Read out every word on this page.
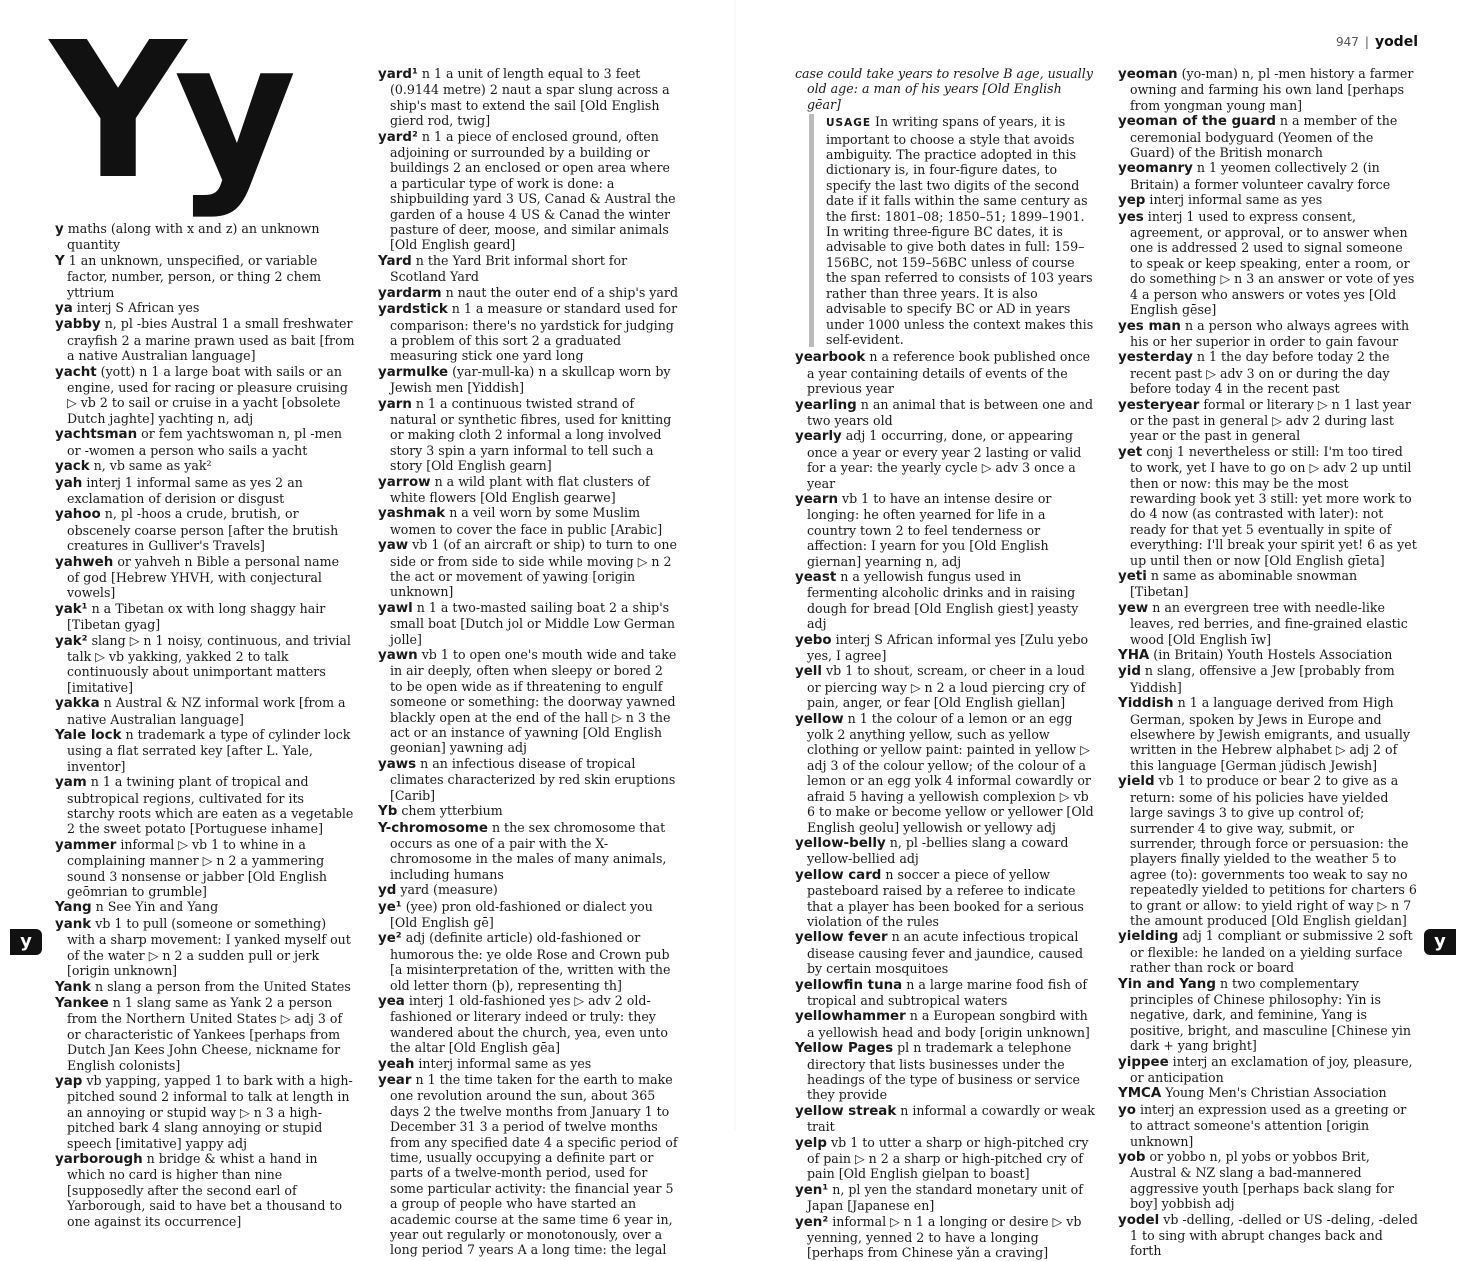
Yy	947 | yodel
y	y

y maths (along with x and z) an unknown quantity

Y 1 an unknown, unspecified, or variable factor, number, person, or thing 2 chem yttrium

ya interj S African yes

yabby n, pl -bies Austral 1 a small freshwater crayfish 2 a marine prawn used as bait [from a native Australian language]

yacht (yott) n 1 a large boat with sails or an engine, used for racing or pleasure cruising ▷ vb 2 to sail or cruise in a yacht [obsolete Dutch jaghte] yachting n, adj

yachtsman or fem yachtswoman n, pl -men or -women a person who sails a yacht

yack n, vb same as yak²

yah interj 1 informal same as yes 2 an exclamation of derision or disgust

yahoo n, pl -hoos a crude, brutish, or obscenely coarse person [after the brutish creatures in Gulliver's Travels]

yahweh or yahveh n Bible a personal name of god [Hebrew YHVH, with conjectural vowels]

yak¹ n a Tibetan ox with long shaggy hair [Tibetan gyag]

yak² slang ▷ n 1 noisy, continuous, and trivial talk ▷ vb yakking, yakked 2 to talk continuously about unimportant matters [imitative]

yakka n Austral & NZ informal work [from a native Australian language]

Yale lock n trademark a type of cylinder lock using a flat serrated key [after L. Yale, inventor]

yam n 1 a twining plant of tropical and subtropical regions, cultivated for its starchy roots which are eaten as a vegetable 2 the sweet potato [Portuguese inhame]

yammer informal ▷ vb 1 to whine in a complaining manner ▷ n 2 a yammering sound 3 nonsense or jabber [Old English geōmrian to grumble]

Yang n See Yin and Yang

yank vb 1 to pull (someone or something) with a sharp movement: I yanked myself out of the water ▷ n 2 a sudden pull or jerk [origin unknown]

Yank n slang a person from the United States

Yankee n 1 slang same as Yank 2 a person from the Northern United States ▷ adj 3 of or characteristic of Yankees [perhaps from Dutch Jan Kees John Cheese, nickname for English colonists]

yap vb yapping, yapped 1 to bark with a high-pitched sound 2 informal to talk at length in an annoying or stupid way ▷ n 3 a high-pitched bark 4 slang annoying or stupid speech [imitative] yappy adj

yarborough n bridge & whist a hand in which no card is higher than nine [supposedly after the second earl of Yarborough, said to have bet a thousand to one against its occurrence]

yard¹ n 1 a unit of length equal to 3 feet (0.9144 metre) 2 naut a spar slung across a ship's mast to extend the sail [Old English gierd rod, twig]

yard² n 1 a piece of enclosed ground, often adjoining or surrounded by a building or buildings 2 an enclosed or open area where a particular type of work is done: a shipbuilding yard 3 US, Canad & Austral the garden of a house 4 US & Canad the winter pasture of deer, moose, and similar animals [Old English geard]

Yard n the Yard Brit informal short for Scotland Yard

yardarm n naut the outer end of a ship's yard

yardstick n 1 a measure or standard used for comparison: there's no yardstick for judging a problem of this sort 2 a graduated measuring stick one yard long

yarmulke (yar-mull-ka) n a skullcap worn by Jewish men [Yiddish]

yarn n 1 a continuous twisted strand of natural or synthetic fibres, used for knitting or making cloth 2 informal a long involved story 3 spin a yarn informal to tell such a story [Old English gearn]

yarrow n a wild plant with flat clusters of white flowers [Old English gearwe]

yashmak n a veil worn by some Muslim women to cover the face in public [Arabic]

yaw vb 1 (of an aircraft or ship) to turn to one side or from side to side while moving ▷ n 2 the act or movement of yawing [origin unknown]

yawl n 1 a two-masted sailing boat 2 a ship's small boat [Dutch jol or Middle Low German jolle]

yawn vb 1 to open one's mouth wide and take in air deeply, often when sleepy or bored 2 to be open wide as if threatening to engulf someone or something: the doorway yawned blackly open at the end of the hall ▷ n 3 the act or an instance of yawning [Old English geonian] yawning adj

yaws n an infectious disease of tropical climates characterized by red skin eruptions [Carib]

Yb chem ytterbium

Y-chromosome n the sex chromosome that occurs as one of a pair with the X-chromosome in the males of many animals, including humans

yd yard (measure)

ye¹ (yee) pron old-fashioned or dialect you [Old English gē]

ye² adj (definite article) old-fashioned or humorous the: ye olde Rose and Crown pub [a misinterpretation of the, written with the old letter thorn (þ), representing th]

yea interj 1 old-fashioned yes ▷ adv 2 old-fashioned or literary indeed or truly: they wandered about the church, yea, even unto the altar [Old English gēa]

yeah interj informal same as yes

year n 1 the time taken for the earth to make one revolution around the sun, about 365 days 2 the twelve months from January 1 to December 31 3 a period of twelve months from any specified date 4 a specific period of time, usually occupying a definite part or parts of a twelve-month period, used for some particular activity: the financial year 5 a group of people who have started an academic course at the same time 6 year in, year out regularly or monotonously, over a long period 7 years A a long time: the legal

case could take years to resolve B age, usually old age: a man of his years [Old English gēar]

USAGE In writing spans of years, it is important to choose a style that avoids ambiguity. The practice adopted in this dictionary is, in four-figure dates, to specify the last two digits of the second date if it falls within the same century as the first: 1801–08; 1850–51; 1899–1901. In writing three-figure BC dates, it is advisable to give both dates in full: 159–156BC, not 159–56BC unless of course the span referred to consists of 103 years rather than three years. It is also advisable to specify BC or AD in years under 1000 unless the context makes this self-evident.

yearbook n a reference book published once a year containing details of events of the previous year

yearling n an animal that is between one and two years old

yearly adj 1 occurring, done, or appearing once a year or every year 2 lasting or valid for a year: the yearly cycle ▷ adv 3 once a year

yearn vb 1 to have an intense desire or longing: he often yearned for life in a country town 2 to feel tenderness or affection: I yearn for you [Old English giernan] yearning n, adj

yeast n a yellowish fungus used in fermenting alcoholic drinks and in raising dough for bread [Old English giest] yeasty adj

yebo interj S African informal yes [Zulu yebo yes, I agree]

yell vb 1 to shout, scream, or cheer in a loud or piercing way ▷ n 2 a loud piercing cry of pain, anger, or fear [Old English giellan]

yellow n 1 the colour of a lemon or an egg yolk 2 anything yellow, such as yellow clothing or yellow paint: painted in yellow ▷ adj 3 of the colour yellow; of the colour of a lemon or an egg yolk 4 informal cowardly or afraid 5 having a yellowish complexion ▷ vb 6 to make or become yellow or yellower [Old English geolu] yellowish or yellowy adj

yellow-belly n, pl -bellies slang a coward yellow-bellied adj

yellow card n soccer a piece of yellow pasteboard raised by a referee to indicate that a player has been booked for a serious violation of the rules

yellow fever n an acute infectious tropical disease causing fever and jaundice, caused by certain mosquitoes

yellowfin tuna n a large marine food fish of tropical and subtropical waters

yellowhammer n a European songbird with a yellowish head and body [origin unknown]

Yellow Pages pl n trademark a telephone directory that lists businesses under the headings of the type of business or service they provide

yellow streak n informal a cowardly or weak trait

yelp vb 1 to utter a sharp or high-pitched cry of pain ▷ n 2 a sharp or high-pitched cry of pain [Old English gielpan to boast]

yen¹ n, pl yen the standard monetary unit of Japan [Japanese en]

yen² informal ▷ n 1 a longing or desire ▷ vb yenning, yenned 2 to have a longing [perhaps from Chinese yǎn a craving]

yeoman (yo-man) n, pl -men history a farmer owning and farming his own land [perhaps from yongman young man]

yeoman of the guard n a member of the ceremonial bodyguard (Yeomen of the Guard) of the British monarch

yeomanry n 1 yeomen collectively 2 (in Britain) a former volunteer cavalry force

yep interj informal same as yes

yes interj 1 used to express consent, agreement, or approval, or to answer when one is addressed 2 used to signal someone to speak or keep speaking, enter a room, or do something ▷ n 3 an answer or vote of yes 4 a person who answers or votes yes [Old English gēse]

yes man n a person who always agrees with his or her superior in order to gain favour

yesterday n 1 the day before today 2 the recent past ▷ adv 3 on or during the day before today 4 in the recent past

yesteryear formal or literary ▷ n 1 last year or the past in general ▷ adv 2 during last year or the past in general

yet conj 1 nevertheless or still: I'm too tired to work, yet I have to go on ▷ adv 2 up until then or now: this may be the most rewarding book yet 3 still: yet more work to do 4 now (as contrasted with later): not ready for that yet 5 eventually in spite of everything: I'll break your spirit yet! 6 as yet up until then or now [Old English gīeta]

yeti n same as abominable snowman [Tibetan]

yew n an evergreen tree with needle-like leaves, red berries, and fine-grained elastic wood [Old English īw]

YHA (in Britain) Youth Hostels Association

yid n slang, offensive a Jew [probably from Yiddish]

Yiddish n 1 a language derived from High German, spoken by Jews in Europe and elsewhere by Jewish emigrants, and usually written in the Hebrew alphabet ▷ adj 2 of this language [German jüdisch Jewish]

yield vb 1 to produce or bear 2 to give as a return: some of his policies have yielded large savings 3 to give up control of; surrender 4 to give way, submit, or surrender, through force or persuasion: the players finally yielded to the weather 5 to agree (to): governments too weak to say no repeatedly yielded to petitions for charters 6 to grant or allow: to yield right of way ▷ n 7 the amount produced [Old English gieldan]

yielding adj 1 compliant or submissive 2 soft or flexible: he landed on a yielding surface rather than rock or board

Yin and Yang n two complementary principles of Chinese philosophy: Yin is negative, dark, and feminine, Yang is positive, bright, and masculine [Chinese yin dark + yang bright]

yippee interj an exclamation of joy, pleasure, or anticipation

YMCA Young Men's Christian Association

yo interj an expression used as a greeting or to attract someone's attention [origin unknown]

yob or yobbo n, pl yobs or yobbos Brit, Austral & NZ slang a bad-mannered aggressive youth [perhaps back slang for boy] yobbish adj

yodel vb -delling, -delled or US -deling, -deled 1 to sing with abrupt changes back and forth
